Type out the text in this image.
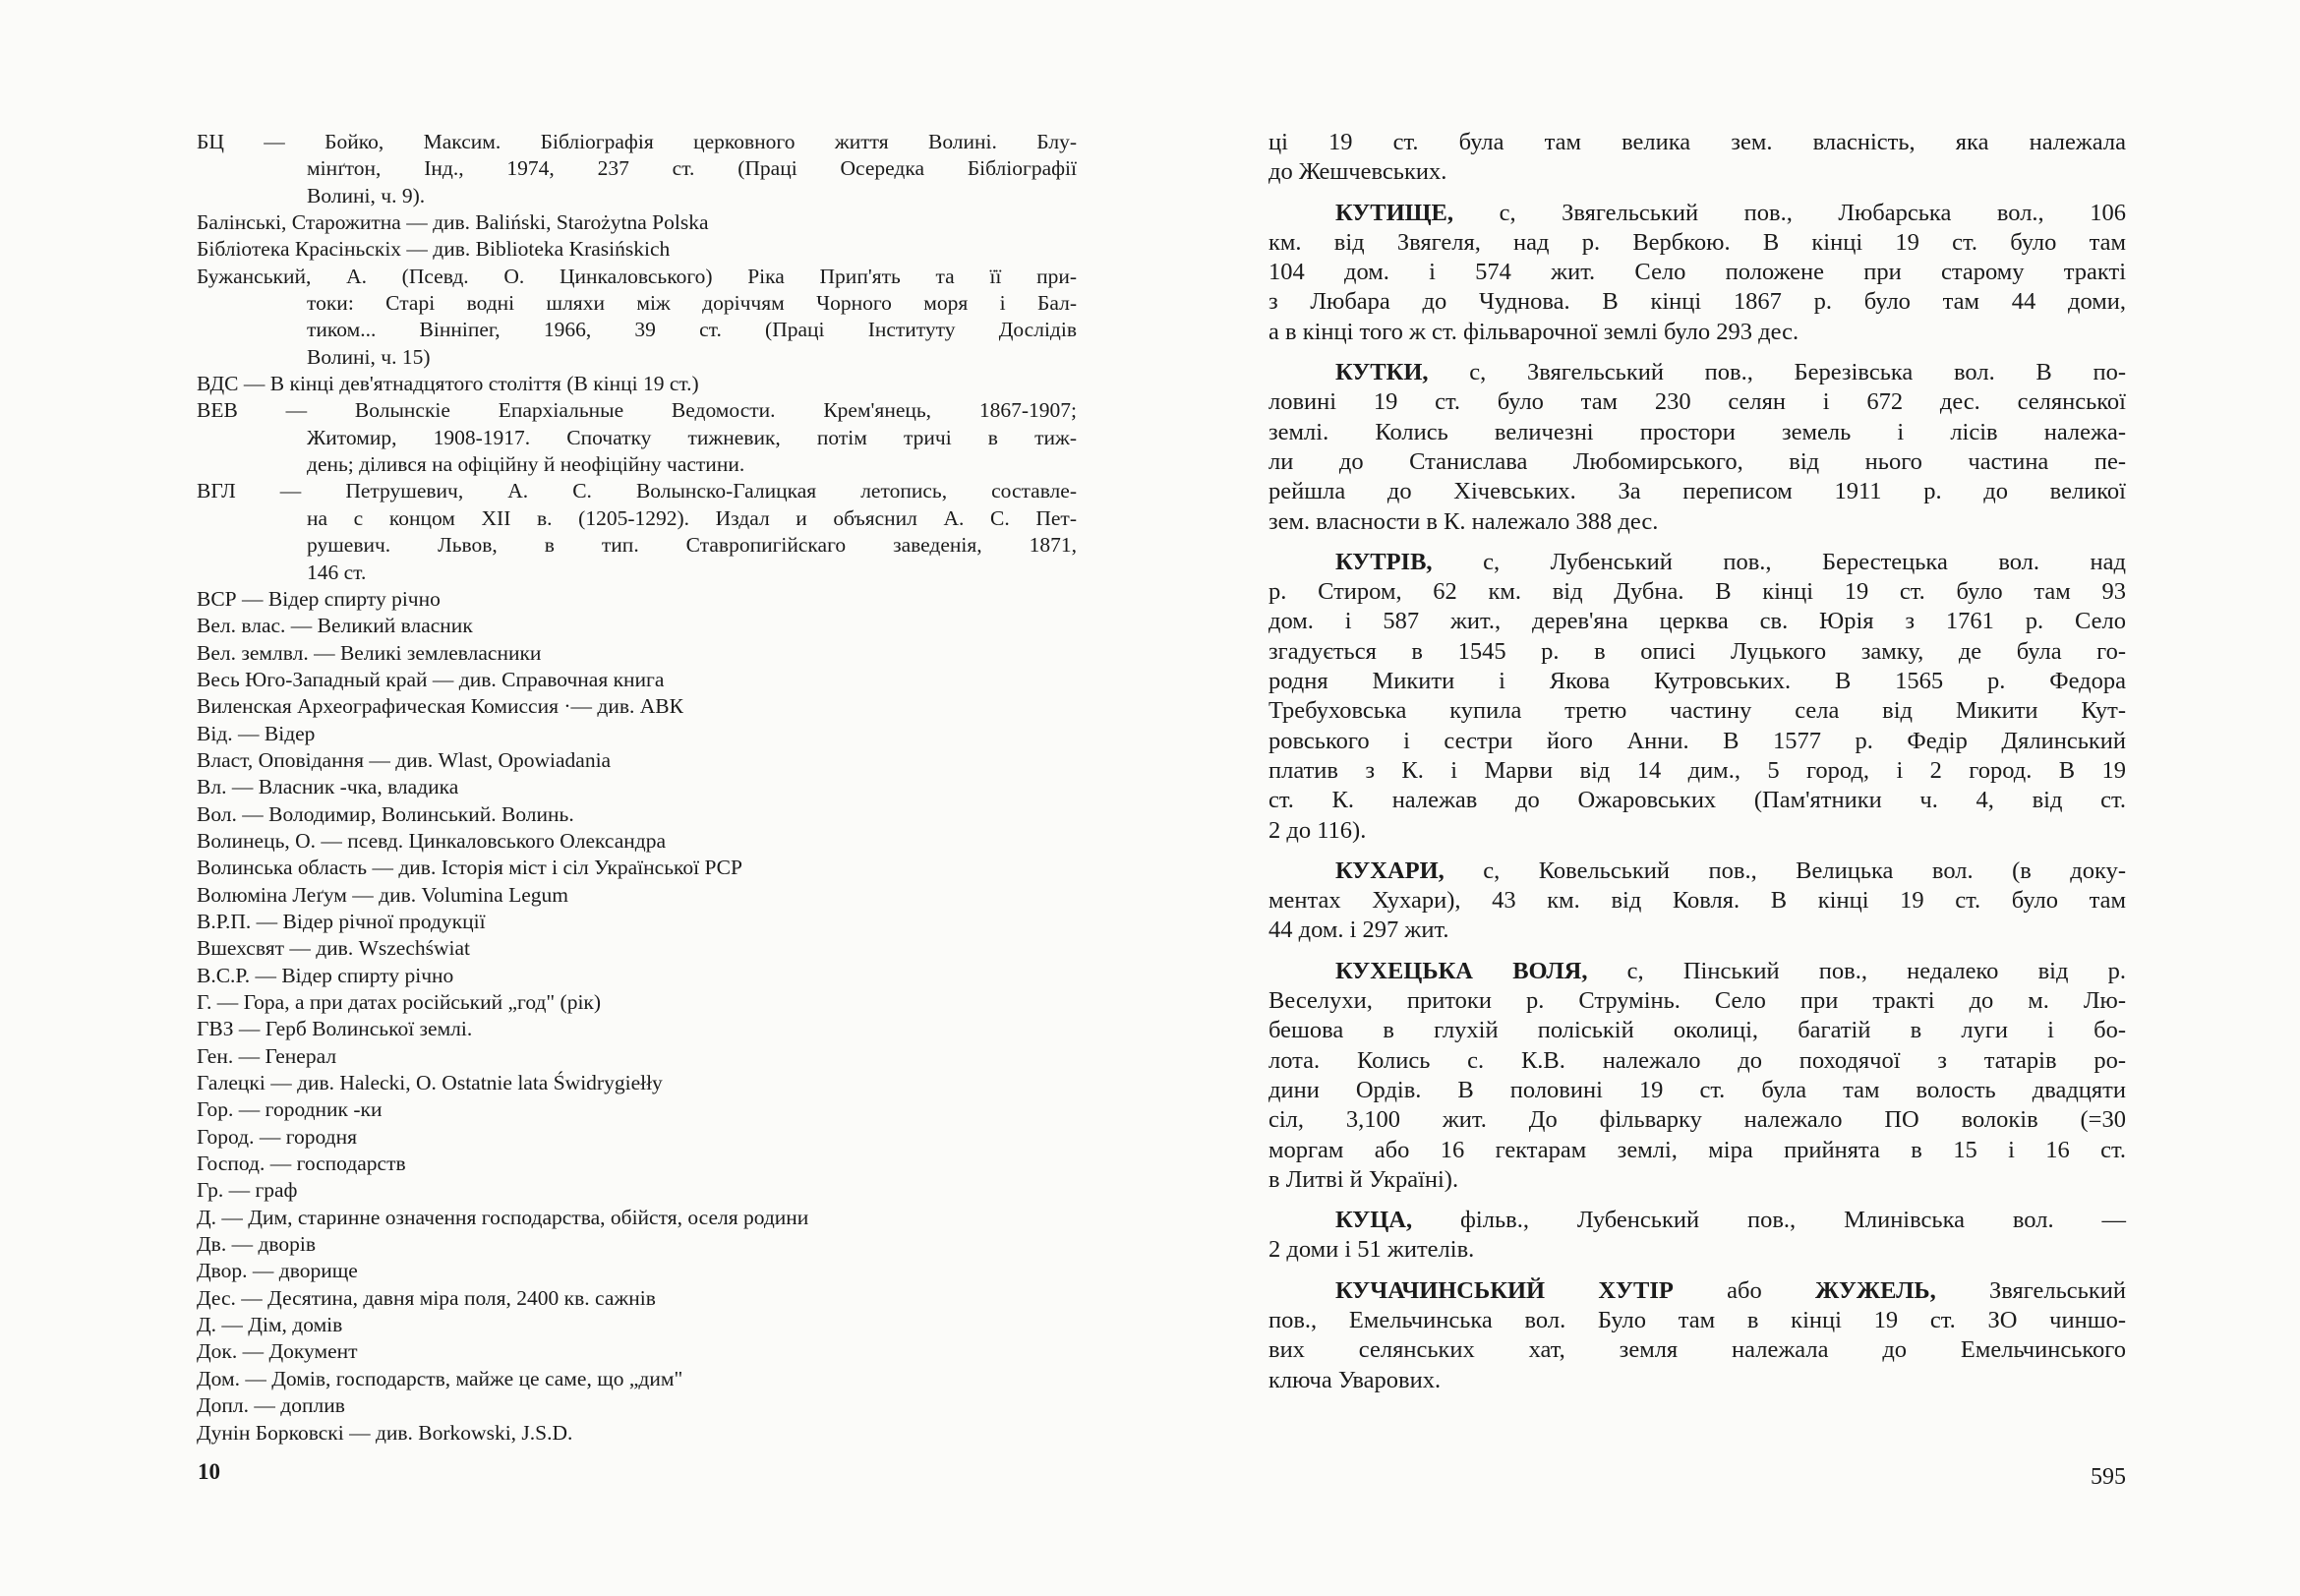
БЦ — Бойко, Максим. Бібліографія церковного життя Волині. Блу-
мінґтон, Інд., 1974, 237 ст. (Праці Осередка Бібліографії
Волині, ч. 9).
Балінські, Старожитна — див. Baliński, Starożytna Polska
Бібліотека Красіньскіх — див. Biblioteka Krasińskich
Бужанський, А. (Псевд. О. Цинкаловського) Ріка Прип'ять та її при-
токи: Старі водні шляхи між доріччям Чорного моря і Бал-
тиком... Вінніпег, 1966, 39 ст. (Праці Інституту Дослідів
Волині, ч. 15)
ВДС — В кінці дев'ятнадцятого століття (В кінці 19 ст.)
ВЕВ — Волынскіе Епархіальные Ведомости. Крем'янець, 1867-1907;
Житомир, 1908-1917. Спочатку тижневик, потім тричі в тиж-
день; ділився на офіційну й неофіційну частини.
ВГЛ — Петрушевич, А. С. Волынско-Галицкая летопись, составле-
на с концом XII в. (1205-1292). Издал и объяснил А. С. Пет-
рушевич. Львов, в тип. Ставропигійскаго заведенія, 1871,
146 ст.
ВСР — Відер спирту річно
Вел. влас. — Великий власник
Вел. землвл. — Великі землевласники
Весь Юго-Западный край — див. Справочная книга
Виленская Археографическая Комиссия ·— див. АВК
Від. — Відер
Власт, Оповідання — див. Wlast, Opowiadania
Вл. — Власник -чка, владика
Вол. — Володимир, Волинський. Волинь.
Волинець, О. — псевд. Цинкаловського Олександра
Волинська область — див. Історія міст і сіл Української РСР
Волюміна Леґум — див. Volumina Legum
В.Р.П. — Відер річної продукції
Вшехсвят — див. Wszechświat
В.С.Р. — Відер спирту річно
Г. — Гора, а при датах російський „год" (рік)
ГВЗ — Герб Волинської землі.
Ген. — Генерал
Галецкі — див. Halecki, O. Ostatnie lata Świdrygiełły
Гор. — городник -ки
Город. — городня
Господ. — господарств
Гр. — граф
Д. — Дим, старинне означення господарства, обійстя, оселя родини
Дв. — дворів
Двор. — дворище
Дес. — Десятина, давня міра поля, 2400 кв. сажнів
Д. — Дім, домів
Док. — Документ
Дом. — Домів, господарств, майже це саме, що „дим"
Допл. — доплив
Дунін Борковскі — див. Borkowski, J.S.D.
ці 19 ст. була там велика зем. власність, яка належала
до Жешчевських.
КУТИЩЕ, с, Звягельський пов., Любарська вол., 106
км. від Звягеля, над р. Вербкою. В кінці 19 ст. було там
104 дом. і 574 жит. Село положене при старому тракті
з Любара до Чуднова. В кінці 1867 р. було там 44 доми,
а в кінці того ж ст. фільварочної землі було 293 дес.
КУТКИ, с, Звягельський пов., Березівська вол. В по-
ловині 19 ст. було там 230 селян і 672 дес. селянської
землі. Колись величезні простори земель і лісів належа-
ли до Станислава Любомирського, від нього частина пе-
рейшла до Хічевських. За переписом 1911 р. до великої
зем. власности в К. належало 388 дес.
КУТРІВ, с, Лубенський пов., Берестецька вол. над
р. Стиром, 62 км. від Дубна. В кінці 19 ст. було там 93
дом. і 587 жит., дерев'яна церква св. Юрія з 1761 р. Село
згадується в 1545 р. в описі Луцького замку, де була го-
родня Микити і Якова Кутровських. В 1565 р. Федора
Требуховська купила третю частину села від Микити Кут-
ровського і сестри його Анни. В 1577 р. Федір Дялинський
платив з К. і Марви від 14 дим., 5 город, і 2 город. В 19
ст. К. належав до Ожаровських (Пам'ятники ч. 4, від ст.
2 до 116).
КУХАРИ, с, Ковельський пов., Велицька вол. (в доку-
ментах Хухари), 43 км. від Ковля. В кінці 19 ст. було там
44 дом. і 297 жит.
КУХЕЦЬКА ВОЛЯ, с, Пінський пов., недалеко від р.
Веселухи, притоки р. Струмінь. Село при тракті до м. Лю-
бешова в глухій поліській околиці, багатій в луги і бо-
лота. Колись с. К.В. належало до походячої з татарів ро-
дини Ордів. В половині 19 ст. була там волость двадцяти
сіл, 3,100 жит. До фільварку належало ПО волоків (=30
моргам або 16 гектарам землі, міра прийнята в 15 і 16 ст.
в Литві й Україні).
КУЦА, фільв., Лубенський пов., Млинівська вол. —
2 доми і 51 жителів.
КУЧАЧИНСЬКИЙ ХУТІР або ЖУЖЕЛЬ, Звягельський
пов., Емельчинська вол. Було там в кінці 19 ст. ЗО чиншо-
вих селянських хат, земля належала до Емельчинського
ключа Уварових.
10	595
